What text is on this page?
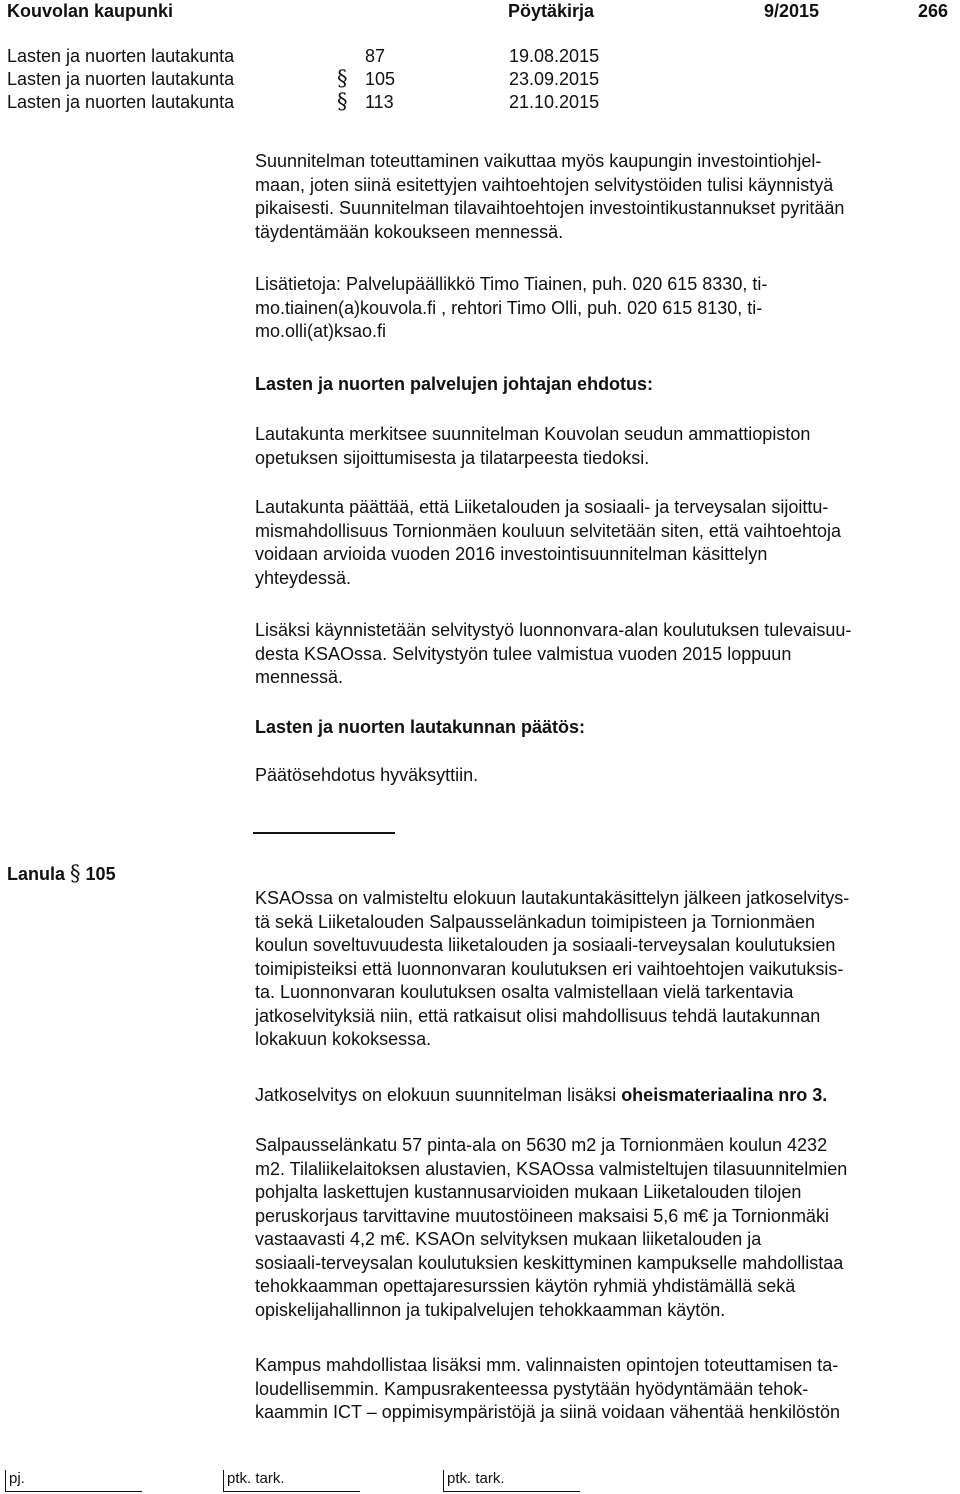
Kouvolan kaupunki	Pöytäkirja	9/2015	266
Lasten ja nuorten lautakunta	87	19.08.2015
Lasten ja nuorten lautakunta	§ 105	23.09.2015
Lasten ja nuorten lautakunta	§ 113	21.10.2015

Suunnitelman toteuttaminen vaikuttaa myös kaupungin investointiohjel-

maan, joten siinä esitettyjen vaihtoehtojen selvitystöiden tulisi käynnistyä

pikaisesti. Suunnitelman tilavaihtoehtojen investointikustannukset pyritään

täydentämään kokoukseen mennessä.

Lisätietoja: Palvelupäällikkö Timo Tiainen, puh. 020 615 8330, ti-

mo.tiainen(a)kouvola.fi , rehtori Timo Olli, puh. 020 615 8130, ti-

mo.olli(at)ksao.fi

Lasten ja nuorten palvelujen johtajan ehdotus:

Lautakunta merkitsee suunnitelman Kouvolan seudun ammattiopiston

opetuksen sijoittumisesta ja tilatarpeesta tiedoksi.

Lautakunta päättää, että Liiketalouden ja sosiaali- ja terveysalan sijoittu-

mismahdollisuus Tornionmäen kouluun selvitetään siten, että vaihtoehtoja

voidaan arvioida vuoden 2016 investointisuunnitelman käsittelyn

yhteydessä.

Lisäksi käynnistetään selvitystyö luonnonvara-alan koulutuksen tulevaisuu-

desta KSAOssa. Selvitystyön tulee valmistua vuoden 2015 loppuun

mennessä.

Lasten ja nuorten lautakunnan päätös:
Päätösehdotus hyväksyttiin.
Lanula § 105

KSAOssa on valmisteltu elokuun lautakuntakäsittelyn jälkeen jatkoselvitys-

tä sekä Liiketalouden Salpausselänkadun toimipisteen ja Tornionmäen

koulun soveltuvuudesta liiketalouden ja sosiaali-terveysalan koulutuksien

toimipisteiksi että luonnonvaran koulutuksen eri vaihtoehtojen vaikutuksis-

ta. Luonnonvaran koulutuksen osalta valmistellaan vielä tarkentavia

jatkoselvityksiä niin, että ratkaisut olisi mahdollisuus tehdä lautakunnan

lokakuun kokoksessa.

Jatkoselvitys on elokuun suunnitelman lisäksi oheismateriaalina nro 3.

Salpausselänkatu 57 pinta-ala on 5630 m2 ja Tornionmäen koulun 4232

m2. Tilaliikelaitoksen alustavien, KSAOssa valmisteltujen tilasuunnitelmien

pohjalta laskettujen kustannusarvioiden mukaan Liiketalouden tilojen

peruskorjaus tarvittavine muutostöineen maksaisi 5,6 m€ ja Tornionmäki

vastaavasti 4,2 m€. KSAOn selvityksen mukaan liiketalouden ja

sosiaali-terveysalan koulutuksien keskittyminen kampukselle mahdollistaa

tehokkaamman opettajaresurssien käytön ryhmiä yhdistämällä sekä

opiskelijahallinnon ja tukipalvelujen tehokkaamman käytön.

Kampus mahdollistaa lisäksi mm. valinnaisten opintojen toteuttamisen ta-

loudellisemmin. Kampusrakenteessa pystytään hyödyntämään tehok-

kaammin ICT – oppimisympäristöjä ja siinä voidaan vähentää henkilöstön

pj.	ptk. tark.	ptk. tark.
